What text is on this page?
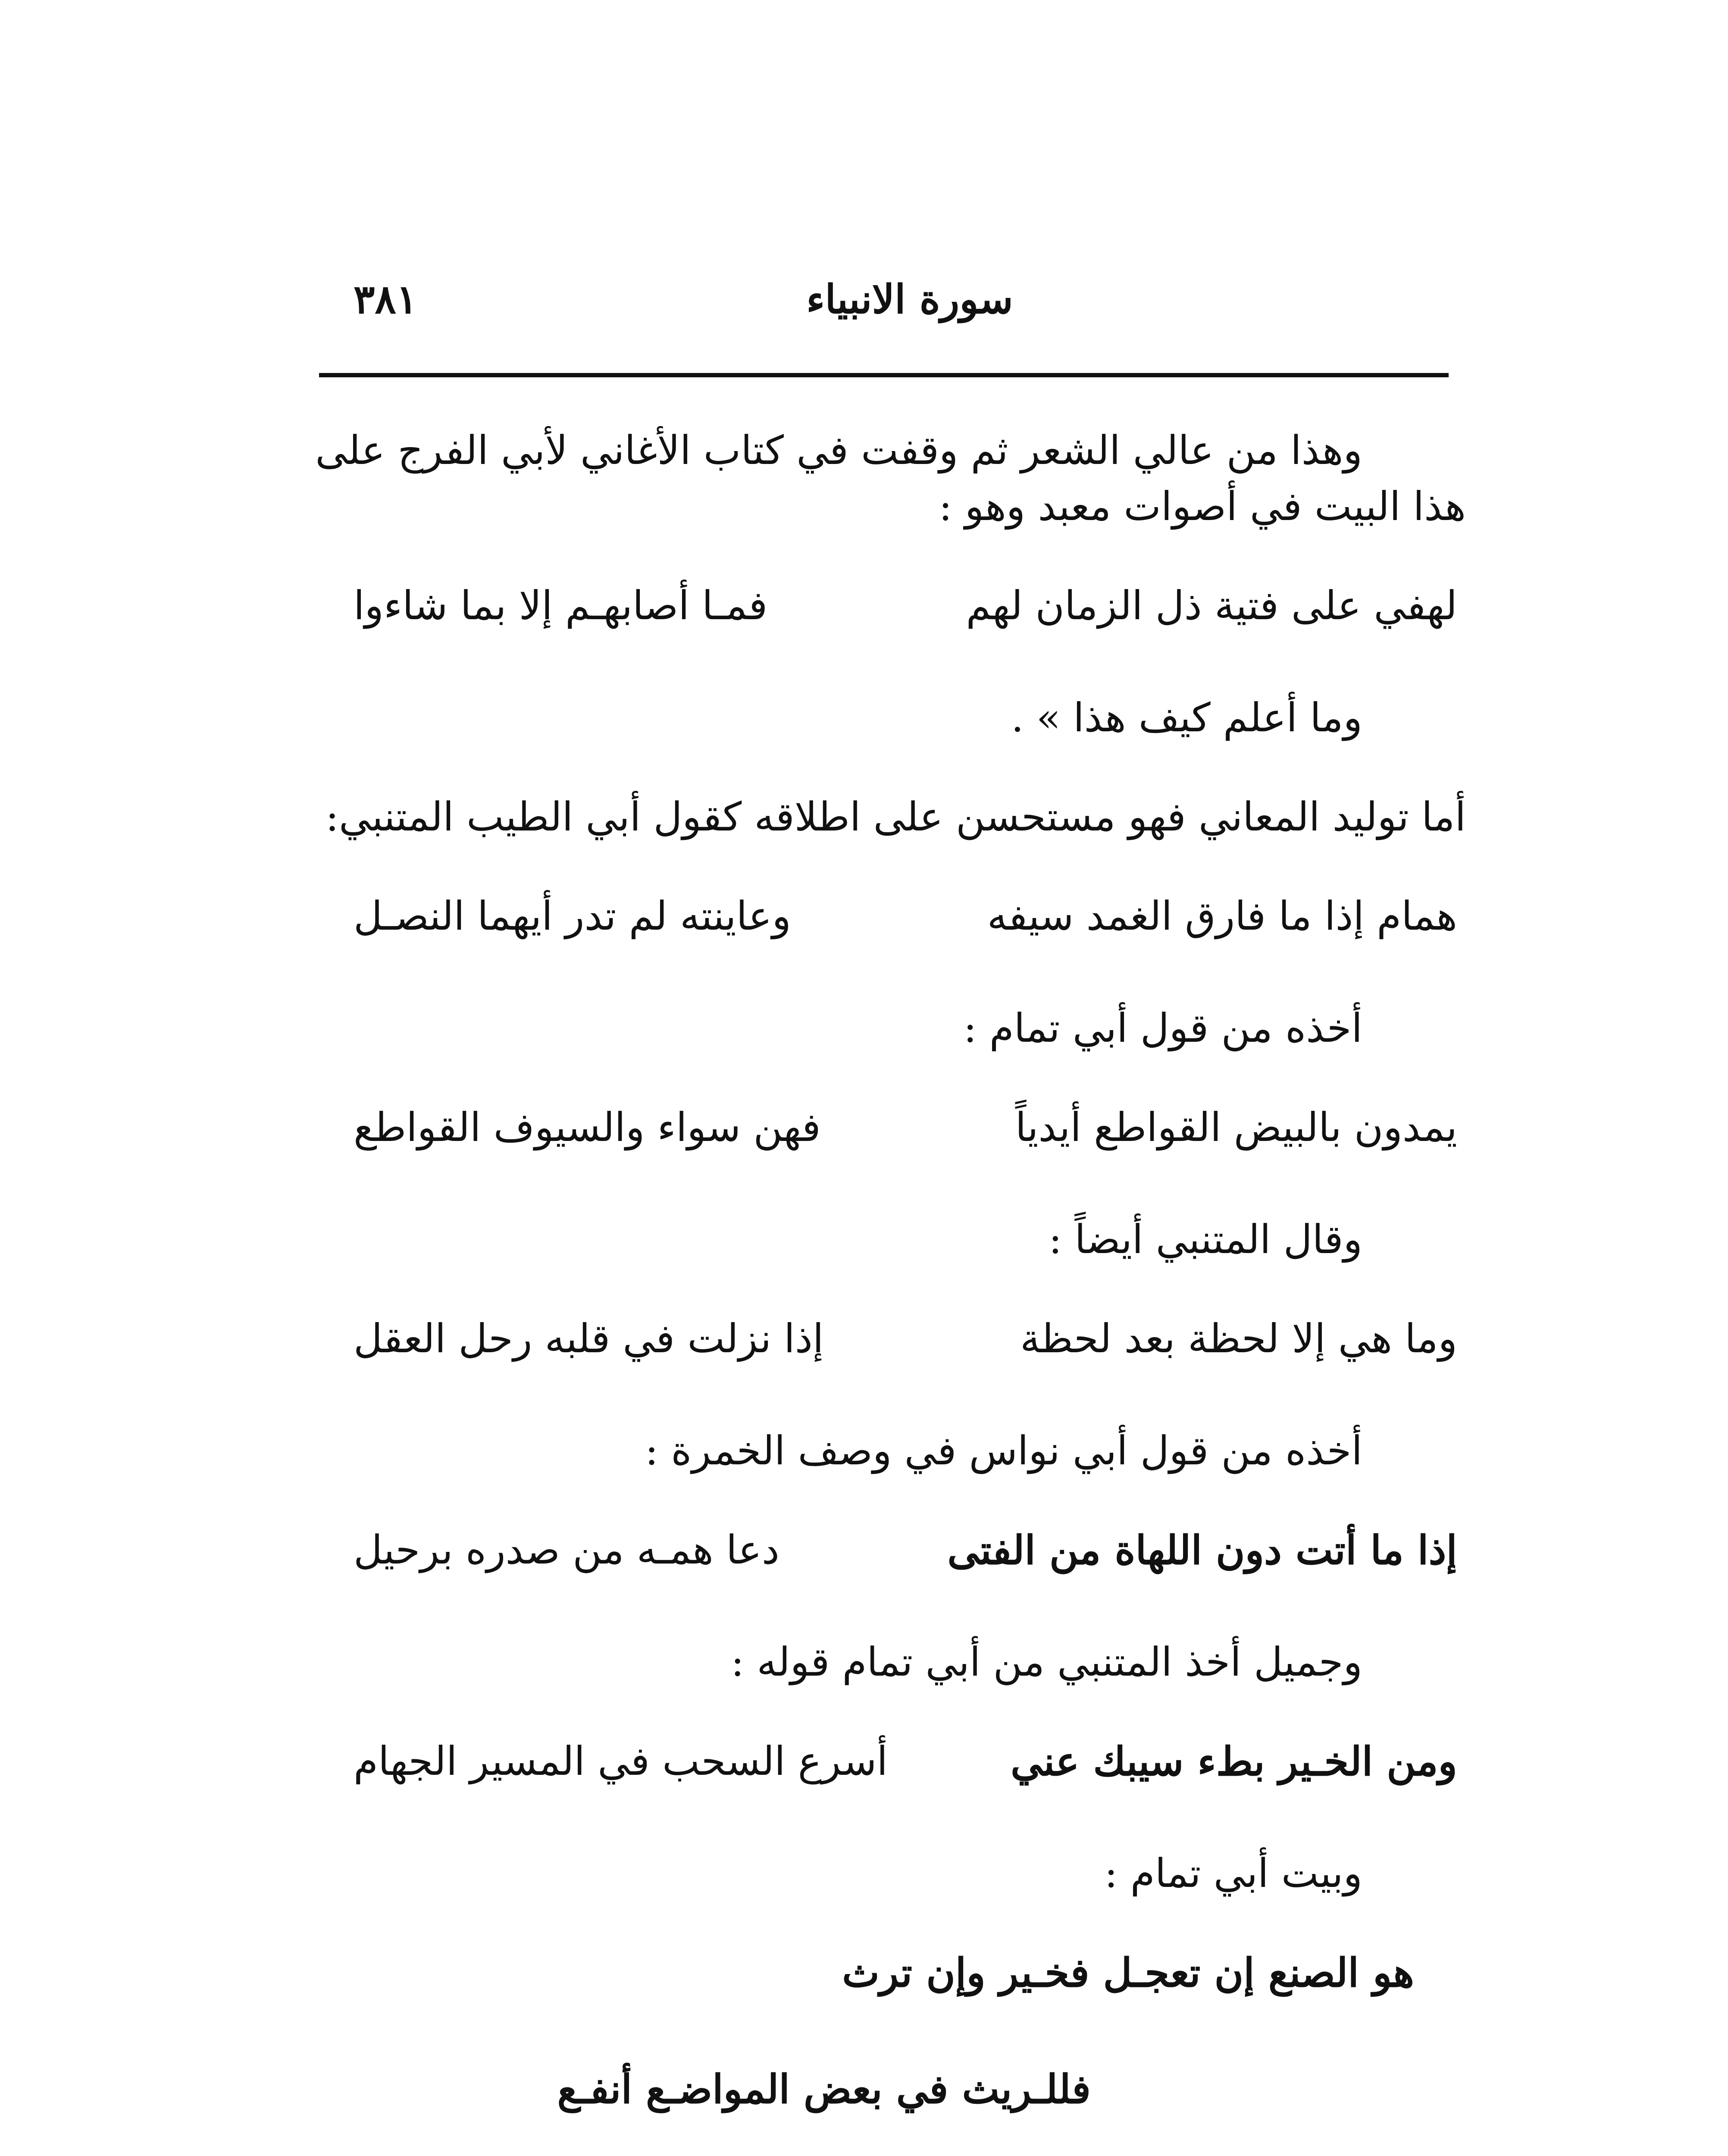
٣٨١	سورة الانبياء
وهذا من عالي الشعر ثم وقفت في كتاب الأغاني لأبي الفرج على
هذا البيت في أصوات معبد وهو :
لهفي على فتية ذل الزمان لهم
فمـا أصابهـم إلا بما شاءوا
وما أعلم كيف هذا » .
أما توليد المعاني فهو مستحسن على اطلاقه كقول أبي الطيب المتنبي:
همام إذا ما فارق الغمد سيفه
وعاينته لم تدر أيهما النصـل
أخذه من قول أبي تمام :
يمدون بالبيض القواطع أيدياً
فهن سواء والسيوف القواطع
وقال المتنبي أيضاً :
وما هي إلا لحظة بعد لحظة
إذا نزلت في قلبه رحل العقل
أخذه من قول أبي نواس في وصف الخمرة :
إذا ما أتت دون اللهاة من الفتى
دعا همـه من صدره برحيل
وجميل أخذ المتنبي من أبي تمام قوله :
ومن الخـير بطء سيبك عني
أسرع السحب في المسير الجهام
وبيت أبي تمام :
هو الصنع إن تعجـل فخـير وإن ترث
فللـريث في بعض المواضـع أنفـع
